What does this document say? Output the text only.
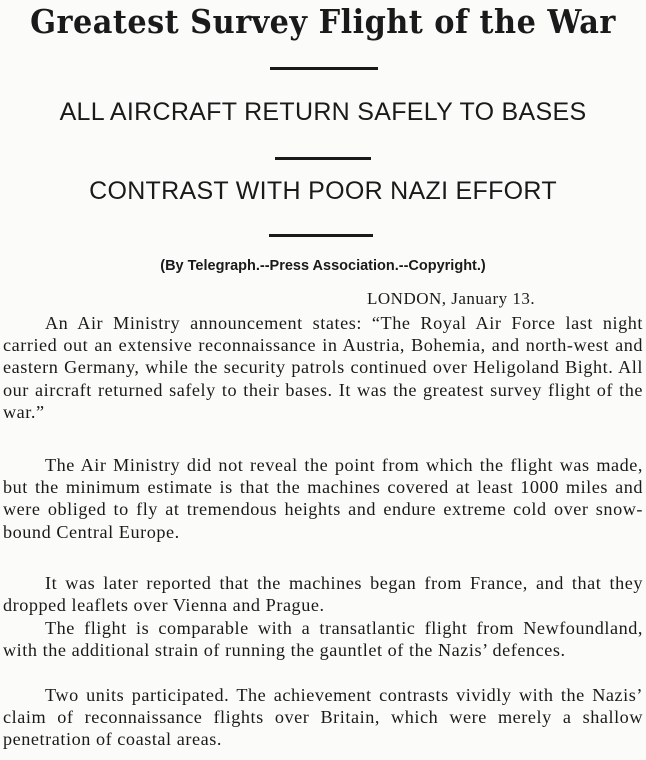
Greatest Survey Flight of the War
ALL AIRCRAFT RETURN SAFELY TO BASES
CONTRAST WITH POOR NAZI EFFORT
(By Telegraph.--Press Association.--Copyright.)
LONDON, January 13.

An Air Ministry announcement states: “The Royal Air Force last night carried out an extensive reconnaissance in Austria, Bohemia, and north-west and eastern Germany, while the security patrols continued over Heligoland Bight. All our aircraft returned safely to their bases. It was the greatest survey flight of the war.”

The Air Ministry did not reveal the point from which the flight was made, but the minimum estimate is that the machines covered at least 1000 miles and were obliged to fly at tremendous heights and endure extreme cold over snow-bound Central Europe.

It was later reported that the machines began from France, and that they dropped leaflets over Vienna and Prague.

The flight is comparable with a transatlantic flight from Newfoundland, with the additional strain of running the gauntlet of the Nazis’ defences.

Two units participated. The achievement contrasts vividly with the Nazis’ claim of reconnaissance flights over Britain, which were merely a shallow penetration of coastal areas.
